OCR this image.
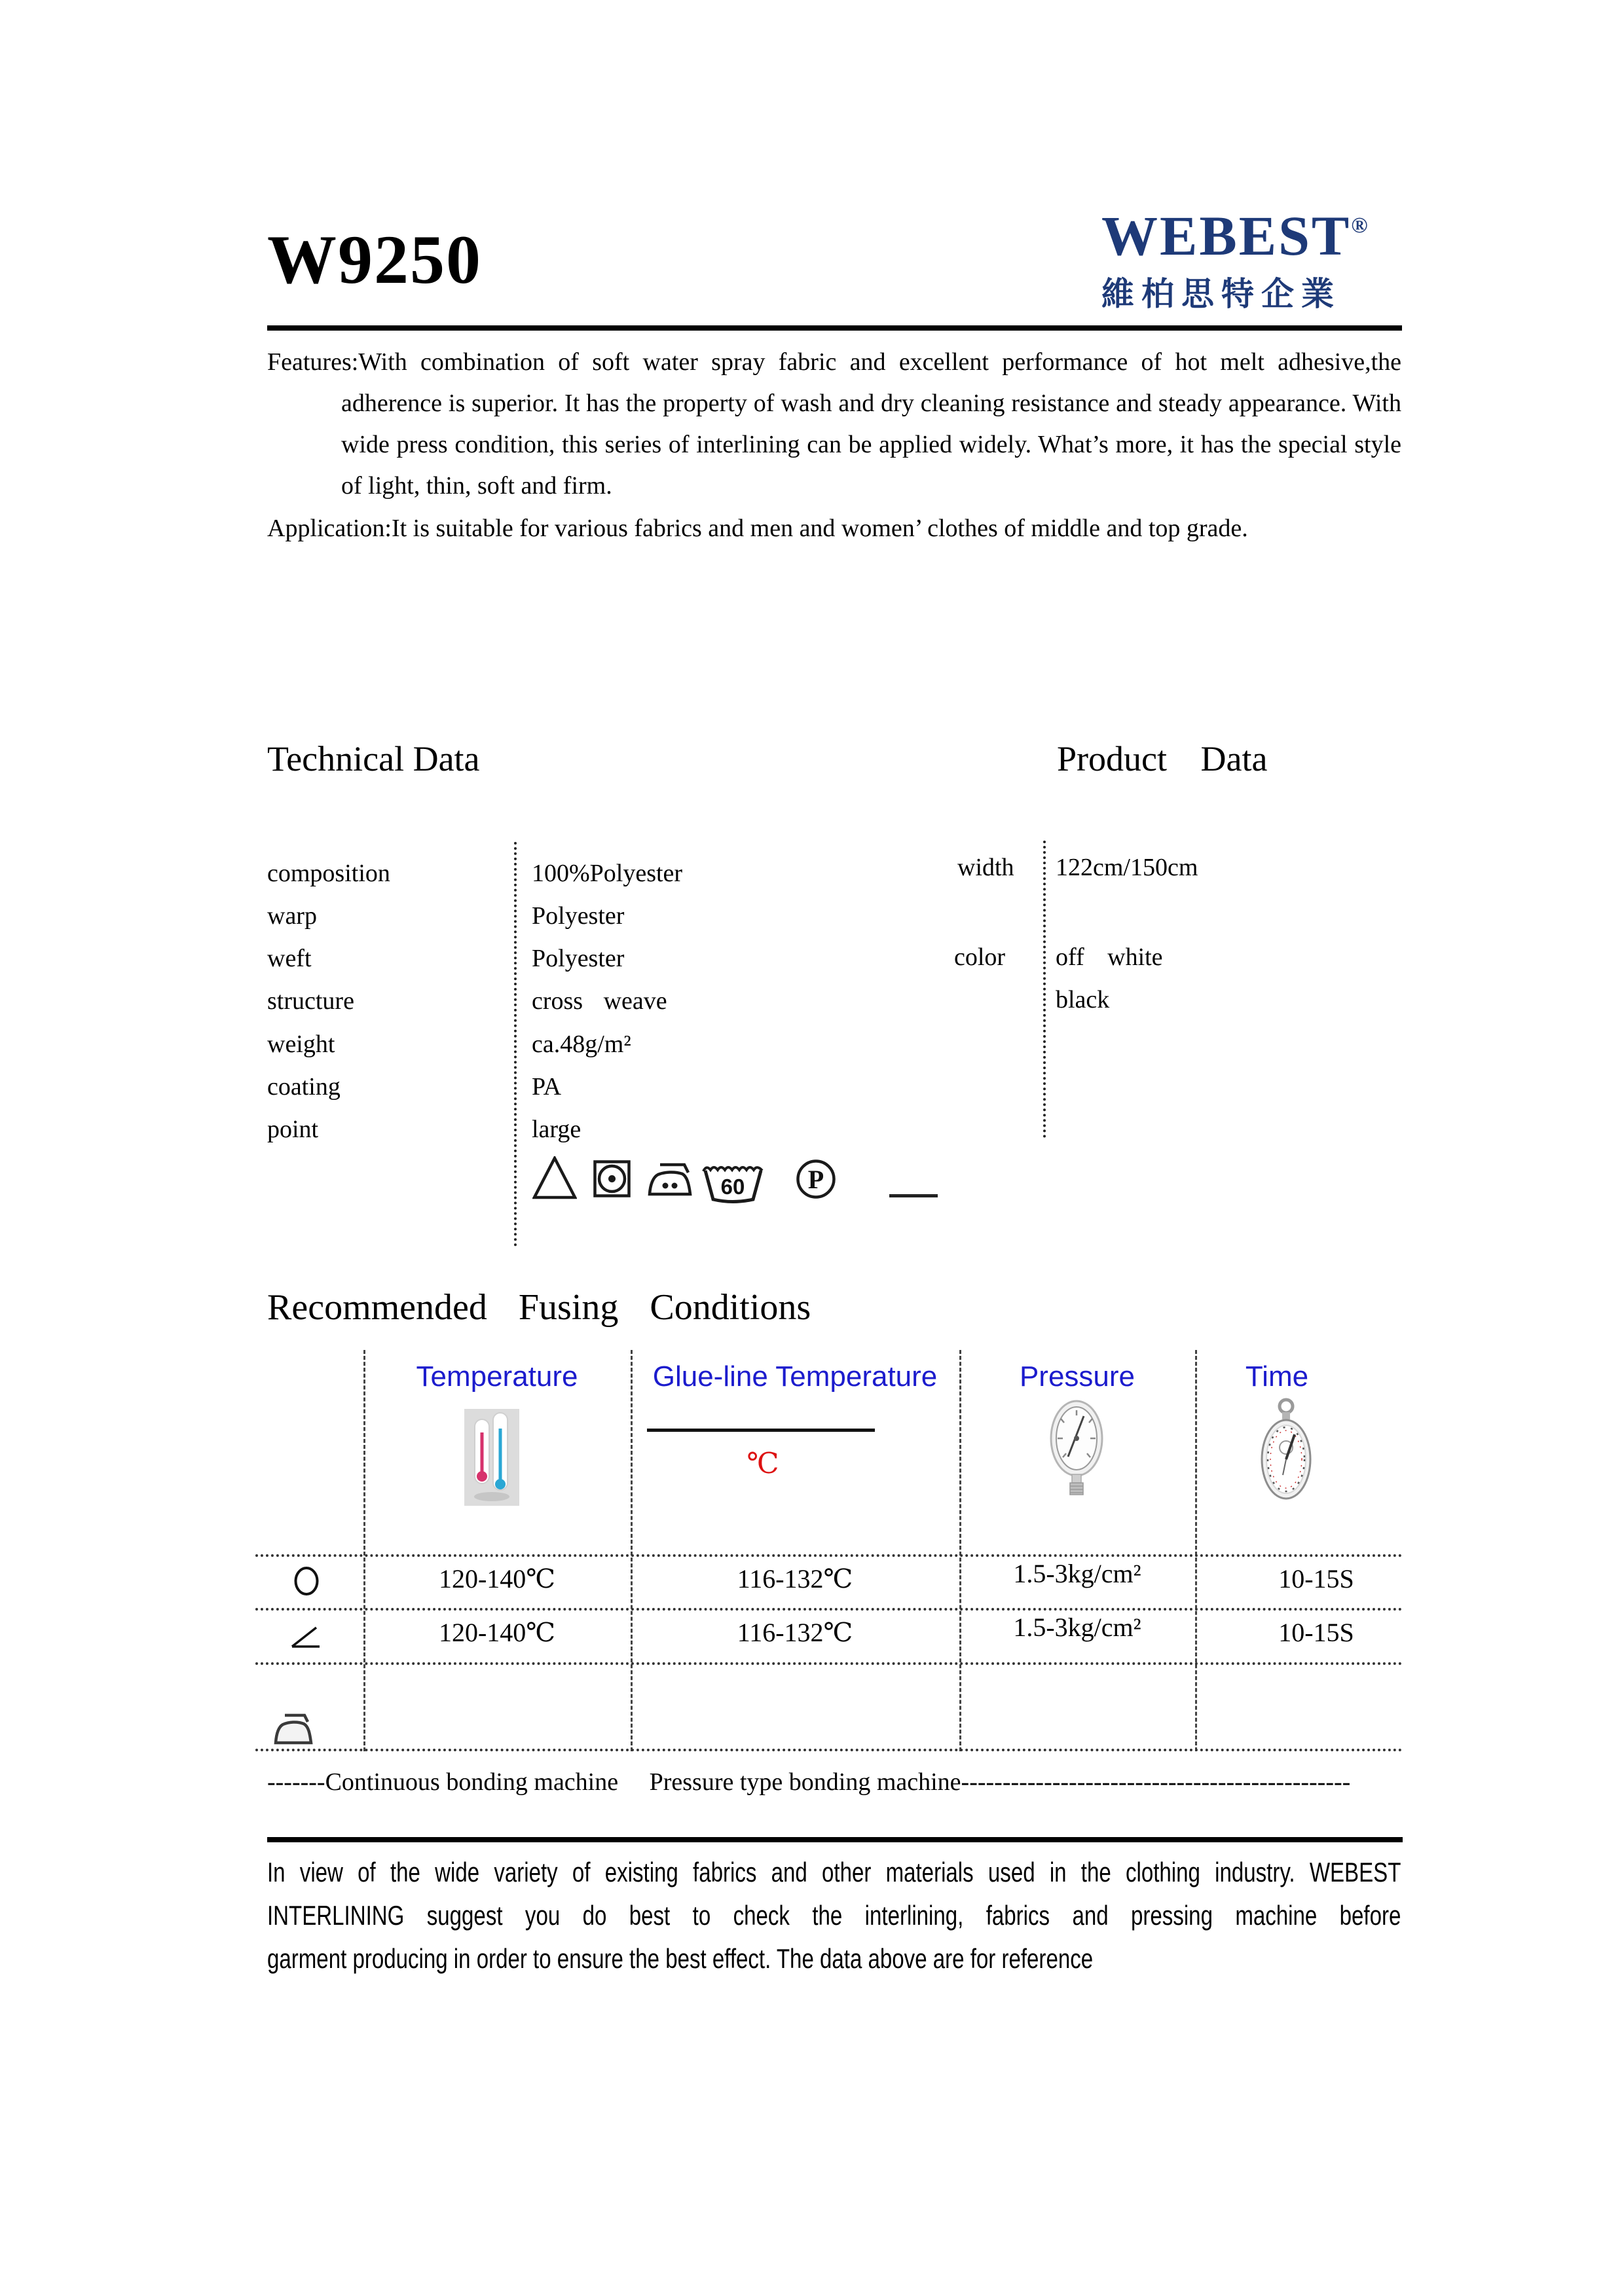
W9250	WEBEST®
維柏思特企業
Features:With combination of soft water spray fabric and excellent performance of hot melt adhesive,the
adherence is superior. It has the property of wash and dry cleaning resistance and steady appearance. With
wide press condition, this series of interlining can be applied widely. What’s more, it has the special style
of light, thin, soft and firm.
Application:It is suitable for various fabrics and men and women’ clothes of middle and top grade.
Technical Data	Product Data
composition	100%Polyester
warp	Polyester
weft	Polyester
structure	cross weave
weight	ca.48g/m²
coating	PA
point	large
width 122cm/150cm
color off white
black
60 P
Recommended Fusing Conditions
Temperature	Glue-line Temperature	Pressure	Time
℃
120-140℃	116-132℃	1.5-3kg/cm²	10-15S
120-140℃	116-132℃	1.5-3kg/cm²	10-15S
-------Continuous bonding machine     Pressure type bonding machine-----------------------------------------------
In view of the wide variety of existing fabrics and other materials used in the clothing industry. WEBEST
INTERLINING suggest you do best to check the interlining, fabrics and pressing machine before
garment producing in order to ensure the best effect. The data above are for reference
